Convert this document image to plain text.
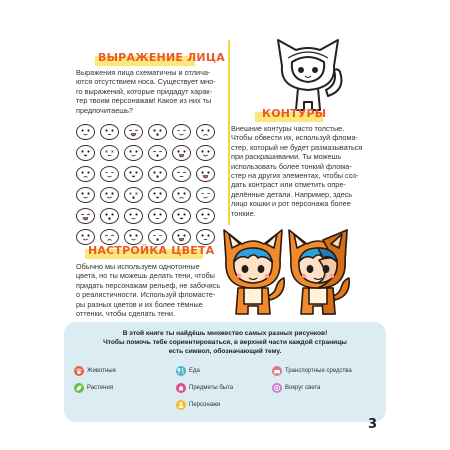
ВЫРАЖЕНИЕ ЛИЦА
Выражения лица схематичны и отлича-
ются отсутствием носа. Существует мно-
го выражений, которые придадут харак-
тер твоим персонажам! Какое из них ты
предпочитаешь?	КОНТУРЫ
Внешние контуры часто толстые.
Чтобы обвести их, используй флома-
стер, который не будет размазываться
при раскрашивании. Ты можешь
использовать более тонкий флома-
стер на других элементах, чтобы соз-
дать контраст или отметить опре-
делённые детали. Например, здесь
лицо кошки и рот персонажа более
тонкие.
НАСТРОЙКА ЦВЕТА
Обычно мы используем однотонные
цвета, но ты можешь делать тени, чтобы
придать персонажам рельеф, не забочясь
о реалистичности. Используй фломасте-
ры разных цветов и их более тёмные
оттенки, чтобы сделать тени.
В этой книге ты найдёшь множество самых разных рисунков!
Чтобы помочь тебе сориентироваться, в верхней части каждой страницы
есть символ, обозначающий тему.
Животные	Еда	Транспортные средства
Растения	Предметы быта	Вокруг света
Персонажи
3
